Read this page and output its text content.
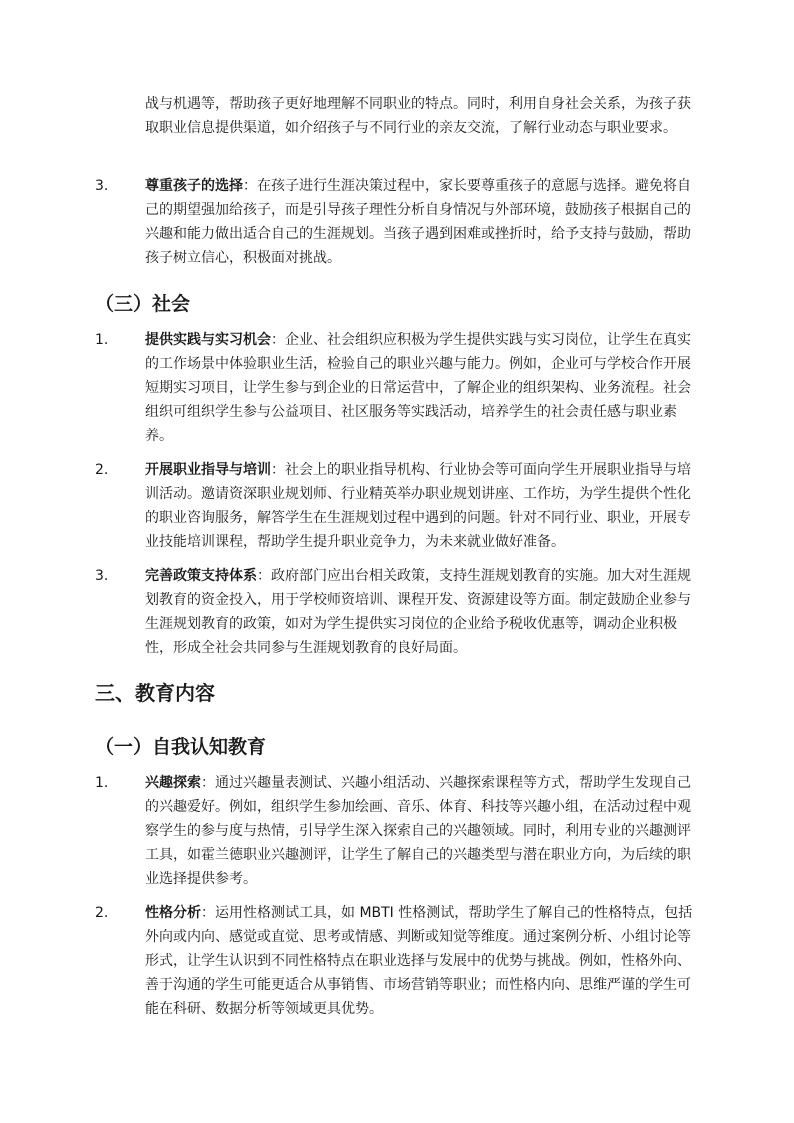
战与机遇等，帮助孩子更好地理解不同职业的特点。同时，利用自身社会关系，为孩子获取职业信息提供渠道，如介绍孩子与不同行业的亲友交流，了解行业动态与职业要求。
3.	尊重孩子的选择：在孩子进行生涯决策过程中，家长要尊重孩子的意愿与选择。避免将自己的期望强加给孩子，而是引导孩子理性分析自身情况与外部环境，鼓励孩子根据自己的兴趣和能力做出适合自己的生涯规划。当孩子遇到困难或挫折时，给予支持与鼓励，帮助孩子树立信心，积极面对挑战。
（三）社会
1.	提供实践与实习机会：企业、社会组织应积极为学生提供实践与实习岗位，让学生在真实的工作场景中体验职业生活，检验自己的职业兴趣与能力。例如，企业可与学校合作开展短期实习项目，让学生参与到企业的日常运营中，了解企业的组织架构、业务流程。社会组织可组织学生参与公益项目、社区服务等实践活动，培养学生的社会责任感与职业素养。
2.	开展职业指导与培训：社会上的职业指导机构、行业协会等可面向学生开展职业指导与培训活动。邀请资深职业规划师、行业精英举办职业规划讲座、工作坊，为学生提供个性化的职业咨询服务，解答学生在生涯规划过程中遇到的问题。针对不同行业、职业，开展专业技能培训课程，帮助学生提升职业竞争力，为未来就业做好准备。
3.	完善政策支持体系：政府部门应出台相关政策，支持生涯规划教育的实施。加大对生涯规划教育的资金投入，用于学校师资培训、课程开发、资源建设等方面。制定鼓励企业参与生涯规划教育的政策，如对为学生提供实习岗位的企业给予税收优惠等，调动企业积极性，形成全社会共同参与生涯规划教育的良好局面。
三、教育内容
（一）自我认知教育
1.	兴趣探索：通过兴趣量表测试、兴趣小组活动、兴趣探索课程等方式，帮助学生发现自己的兴趣爱好。例如，组织学生参加绘画、音乐、体育、科技等兴趣小组，在活动过程中观察学生的参与度与热情，引导学生深入探索自己的兴趣领域。同时，利用专业的兴趣测评工具，如霍兰德职业兴趣测评，让学生了解自己的兴趣类型与潜在职业方向，为后续的职业选择提供参考。
2.	性格分析：运用性格测试工具，如 MBTI 性格测试，帮助学生了解自己的性格特点，包括外向或内向、感觉或直觉、思考或情感、判断或知觉等维度。通过案例分析、小组讨论等形式，让学生认识到不同性格特点在职业选择与发展中的优势与挑战。例如，性格外向、善于沟通的学生可能更适合从事销售、市场营销等职业；而性格内向、思维严谨的学生可能在科研、数据分析等领域更具优势。
